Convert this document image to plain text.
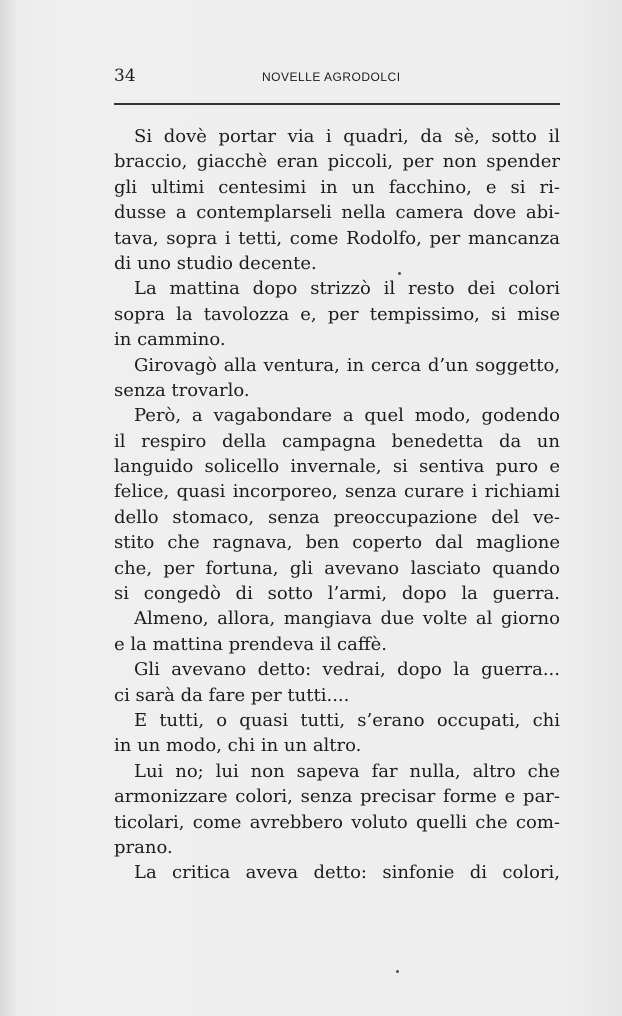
34	NOVELLE AGRODOLCI
Si dovè portar via i quadri, da sè, sotto il
braccio, giacchè eran piccoli, per non spender
gli ultimi centesimi in un facchino, e si ri-
dusse a contemplarseli nella camera dove abi-
tava, sopra i tetti, come Rodolfo, per mancanza
di uno studio decente.
La mattina dopo strizzò il resto dei colori
sopra la tavolozza e, per tempissimo, si mise
in cammino.
Girovagò alla ventura, in cerca d’un soggetto,
senza trovarlo.
Però, a vagabondare a quel modo, godendo
il respiro della campagna benedetta da un
languido solicello invernale, si sentiva puro e
felice, quasi incorporeo, senza curare i richiami
dello stomaco, senza preoccupazione del ve-
stito che ragnava, ben coperto dal maglione
che, per fortuna, gli avevano lasciato quando
si congedò di sotto l’armi, dopo la guerra.
Almeno, allora, mangiava due volte al giorno
e la mattina prendeva il caffè.
Gli avevano detto: vedrai, dopo la guerra...
ci sarà da fare per tutti....
E tutti, o quasi tutti, s’erano occupati, chi
in un modo, chi in un altro.
Lui no; lui non sapeva far nulla, altro che
armonizzare colori, senza precisar forme e par-
ticolari, come avrebbero voluto quelli che com-
prano.
La critica aveva detto: sinfonie di colori,
